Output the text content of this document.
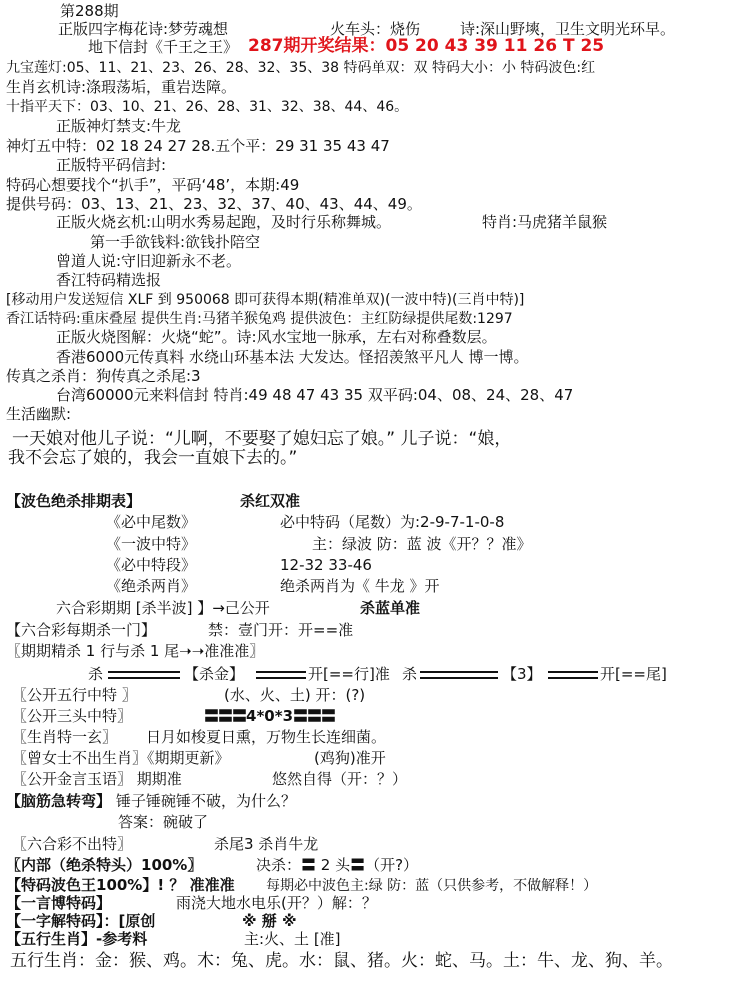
第288期
正版四字梅花诗:梦劳魂想	火车头：烧伤	诗:深山野塽，卫生文明光环早。
地下信封《千王之王》 287期开奖结果：05 20 43 39 11 26 T 25
九宝莲灯:05、11、21、23、26、28、32、35、38 特码单双：双 特码大小：小 特码波色:红
生肖玄机诗:涤瑕荡垢，重岩迭障。
十指平天下：03、10、21、26、28、31、32、38、44、46。
正版神灯禁支:牛龙
神灯五中特：02 18 24 27 28.五个平：29 31 35 43 47
正版特平码信封:
特码心想要找个“扒手”，平码‘48’，本期:49
提供号码：03、13、21、23、32、37、40、43、44、49。
正版火烧玄机:山明水秀易起跑，及时行乐称舞城。	特肖:马虎猪羊鼠猴
第一手欲钱料:欲钱扑陪空
曾道人说:守旧迎新永不老。
香江特码精选报
[移动用户发送短信 XLF 到 950068 即可获得本期(精准单双)(一波中特)(三肖中特)]
香江话特码:重床叠屋 提供生肖:马猪羊猴兔鸡 提供波色：主红防绿提供尾数:1297
正版火烧图解：火烧“蛇”。诗:风水宝地一脉承，左右对称叠数层。
香港6000元传真料 水绕山环基本法 大发达。怪招羡煞平凡人 博一博。
传真之杀肖：狗传真之杀尾:3
台湾60000元来料信封 特肖:49 48 47 43 35 双平码:04、08、24、28、47
生活幽默:
一天娘对他儿子说：“儿啊，不要娶了媳妇忘了娘。” 儿子说：“娘，
我不会忘了娘的，我会一直娘下去的。”
【波色绝杀排期表】	杀红双准
《必中尾数》	必中特码（尾数）为:2-9-7-1-0-8
《一波中特》	主：绿波 防：蓝 波《开？？准》
《必中特段》	12-32 33-46
《绝杀两肖》	绝杀两肖为《 牛龙 》开
六合彩期期 [杀半波] 】→己公开	杀蓝单准
【六合彩每期杀一门】	禁：壹门开：开==准
〖期期精杀 1 行与杀 1 尾➝➝准准准〗
杀	【杀金】	开[==行]准 杀	【3】	开[==尾]
〖公开五行中特 〗	(水、火、土) 开：(?)
〖公开三头中特〗	〓〓〓4*0*3〓〓〓
〖生肖特一玄〗 日月如梭夏日熏，万物生长连细菌。
〖曾女士不出生肖〗《期期更新》	(鸡狗)准开
〖公开金言玉语〗 期期准	悠然自得（开：？）
【脑筋急转弯】 锤子锤碗锤不破，为什么？
答案：碗破了
〖六合彩不出特〗	杀尾3 杀肖牛龙
〖内部（绝杀特头）100%〗	决杀：〓 2 头〓（开?）
【特码波色王100%】! ？ 准准准 每期必中波色主:绿 防：蓝（只供参考，不做解释！）
【一言博特码】	雨浇大地水电乐(开？）解：？
【一字解特码】：[原创	※ 掰 ※
【五行生肖】-参考料	主:火、土 [准]
五行生肖：金：猴、鸡。木：兔、虎。水：鼠、猪。火：蛇、马。土：牛、龙、狗、羊。
